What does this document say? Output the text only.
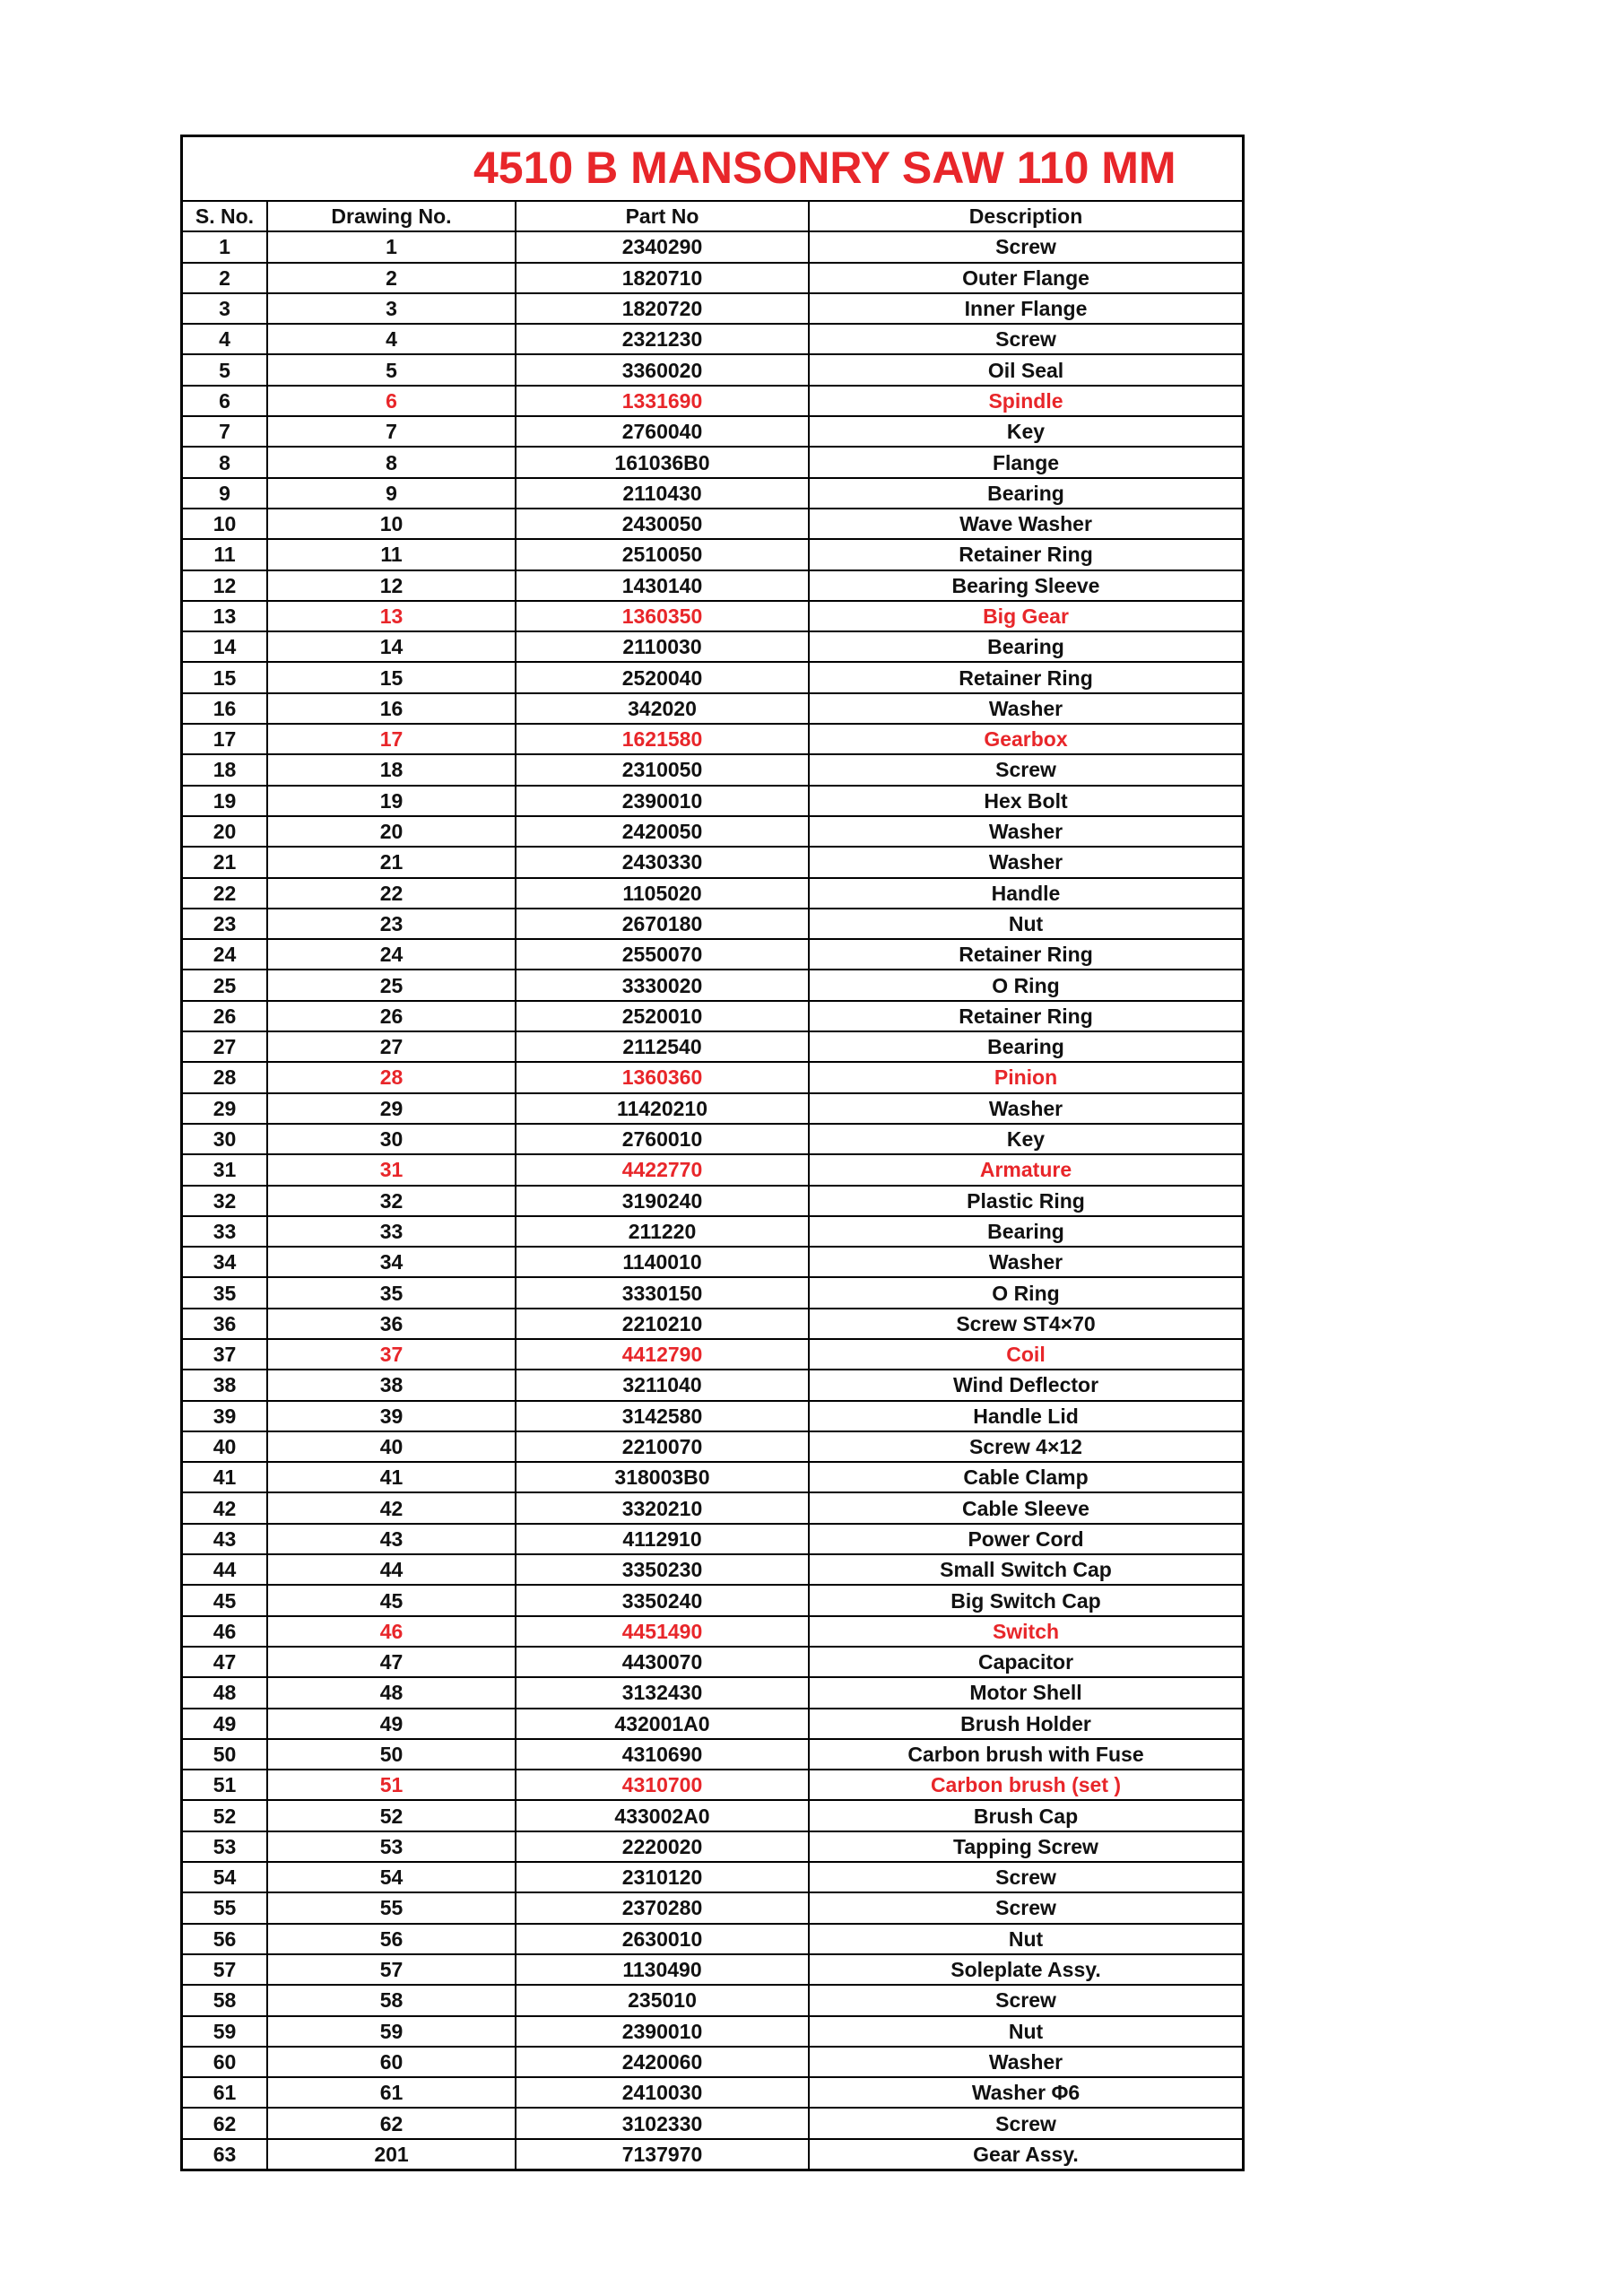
4510 B MANSONRY SAW 110 MM
S. No.	Drawing No.	Part No	Description
1	1	2340290	Screw
2	2	1820710	Outer Flange
3	3	1820720	Inner Flange
4	4	2321230	Screw
5	5	3360020	Oil Seal
6	6	1331690	Spindle
7	7	2760040	Key
8	8	161036B0	Flange
9	9	2110430	Bearing
10	10	2430050	Wave Washer
11	11	2510050	Retainer Ring
12	12	1430140	Bearing Sleeve
13	13	1360350	Big Gear
14	14	2110030	Bearing
15	15	2520040	Retainer Ring
16	16	342020	Washer
17	17	1621580	Gearbox
18	18	2310050	Screw
19	19	2390010	Hex Bolt
20	20	2420050	Washer
21	21	2430330	Washer
22	22	1105020	Handle
23	23	2670180	Nut
24	24	2550070	Retainer Ring
25	25	3330020	O Ring
26	26	2520010	Retainer Ring
27	27	2112540	Bearing
28	28	1360360	Pinion
29	29	11420210	Washer
30	30	2760010	Key
31	31	4422770	Armature
32	32	3190240	Plastic Ring
33	33	211220	Bearing
34	34	1140010	Washer
35	35	3330150	O Ring
36	36	2210210	Screw ST4×70
37	37	4412790	Coil
38	38	3211040	Wind Deflector
39	39	3142580	Handle Lid
40	40	2210070	Screw 4×12
41	41	318003B0	Cable Clamp
42	42	3320210	Cable Sleeve
43	43	4112910	Power Cord
44	44	3350230	Small Switch Cap
45	45	3350240	Big Switch Cap
46	46	4451490	Switch
47	47	4430070	Capacitor
48	48	3132430	Motor Shell
49	49	432001A0	Brush Holder
50	50	4310690	Carbon brush with Fuse
51	51	4310700	Carbon brush (set )
52	52	433002A0	Brush Cap
53	53	2220020	Tapping Screw
54	54	2310120	Screw
55	55	2370280	Screw
56	56	2630010	Nut
57	57	1130490	Soleplate Assy.
58	58	235010	Screw
59	59	2390010	Nut
60	60	2420060	Washer
61	61	2410030	Washer Φ6
62	62	3102330	Screw
63	201	7137970	Gear Assy.
